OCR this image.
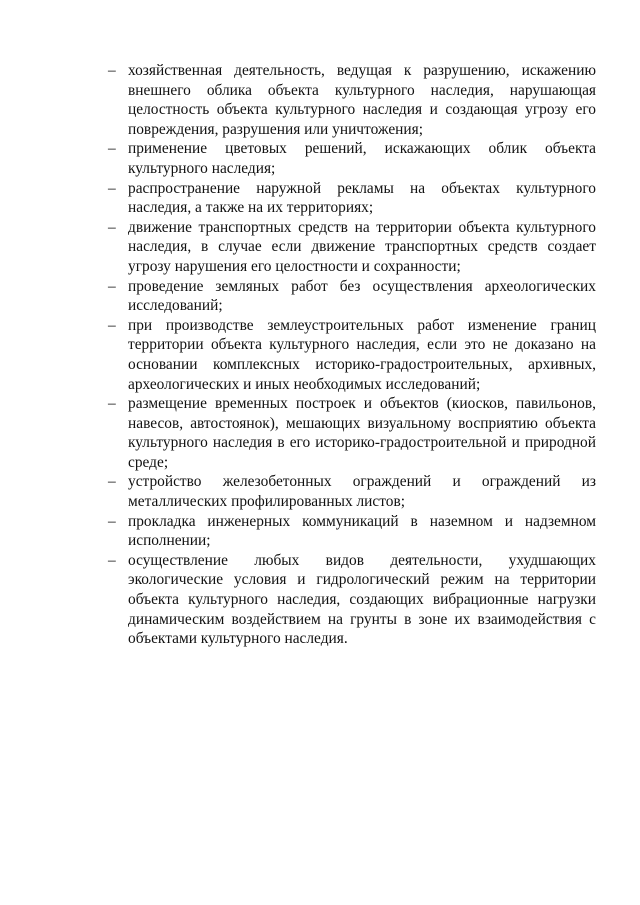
– хозяйственная деятельность, ведущая к разрушению, искажению внешнего облика объекта культурного наследия, нарушающая целостность объекта культурного наследия и создающая угрозу его повреждения, разрушения или уничтожения;
– применение цветовых решений, искажающих облик объекта культурного наследия;
– распространение наружной рекламы на объектах культурного наследия, а также на их территориях;
– движение транспортных средств на территории объекта культурного наследия, в случае если движение транспортных средств создает угрозу нарушения его целостности и сохранности;
– проведение земляных работ без осуществления археологических исследований;
– при производстве землеустроительных работ изменение границ территории объекта культурного наследия, если это не доказано на основании комплексных историко-градостроительных, архивных, археологических и иных необходимых исследований;
– размещение временных построек и объектов (киосков, павильонов, навесов, автостоянок), мешающих визуальному восприятию объекта культурного наследия в его историко-градостроительной и природной среде;
– устройство железобетонных ограждений и ограждений из металлических профилированных листов;
– прокладка инженерных коммуникаций в наземном и надземном исполнении;
– осуществление любых видов деятельности, ухудшающих экологические условия и гидрологический режим на территории объекта культурного наследия, создающих вибрационные нагрузки динамическим воздействием на грунты в зоне их взаимодействия с объектами культурного наследия.
